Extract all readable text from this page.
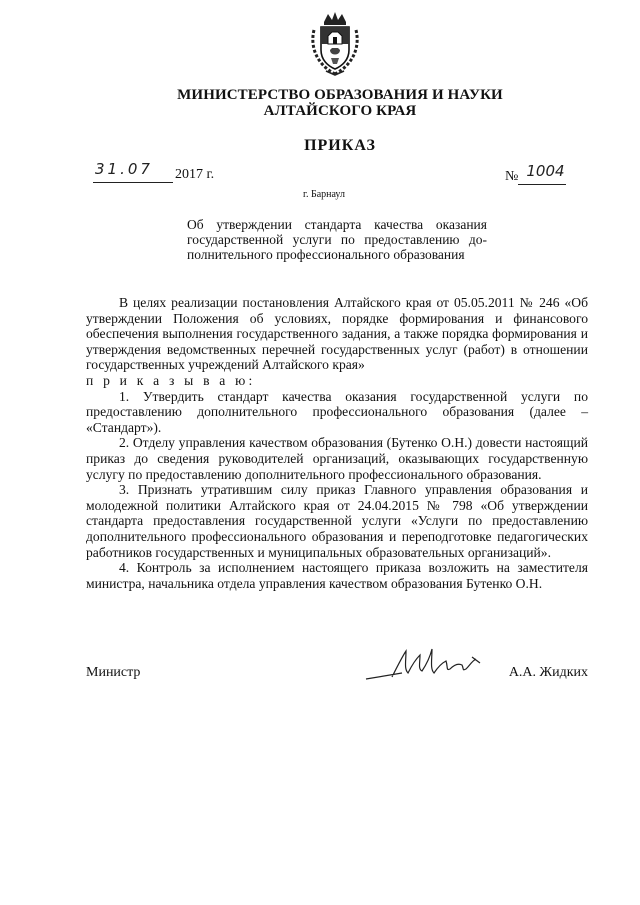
МИНИСТЕРСТВО ОБРАЗОВАНИЯ И НАУКИ
АЛТАЙСКОГО КРАЯ
ПРИКАЗ
31.07 2017 г.	№ 1004
г. Барнаул
Об утверждении стандарта качества оказания
государственной услуги по предоставлению до-
полнительного профессионального образования

В целях реализации постановления Алтайского края от 05.05.2011 № 246 «Об утверждении Положения об условиях, порядке формирования и финансового обеспечения выполнения государственного задания, а также порядка формирования и утверждения ведомственных перечней государственных услуг (работ) в отношении государственных учреждений Алтайского края»

п р и к а з ы в а ю:

1. Утвердить стандарт качества оказания государственной услуги по предоставлению дополнительного профессионального образования (далее – «Стандарт»).

2. Отделу управления качеством образования (Бутенко О.Н.) довести настоящий приказ до сведения руководителей организаций, оказывающих государственную услугу по предоставлению дополнительного профессионального образования.

3. Признать утратившим силу приказ Главного управления образования и молодежной политики Алтайского края от 24.04.2015 № 798 «Об утверждении стандарта предоставления государственной услуги «Услуги по предоставлению дополнительного профессионального образования и переподготовке педагогических работников государственных и муниципальных образовательных организаций».

4. Контроль за исполнением настоящего приказа возложить на заместителя министра, начальника отдела управления качеством образования Бутенко О.Н.

Министр	А.А. Жидких
